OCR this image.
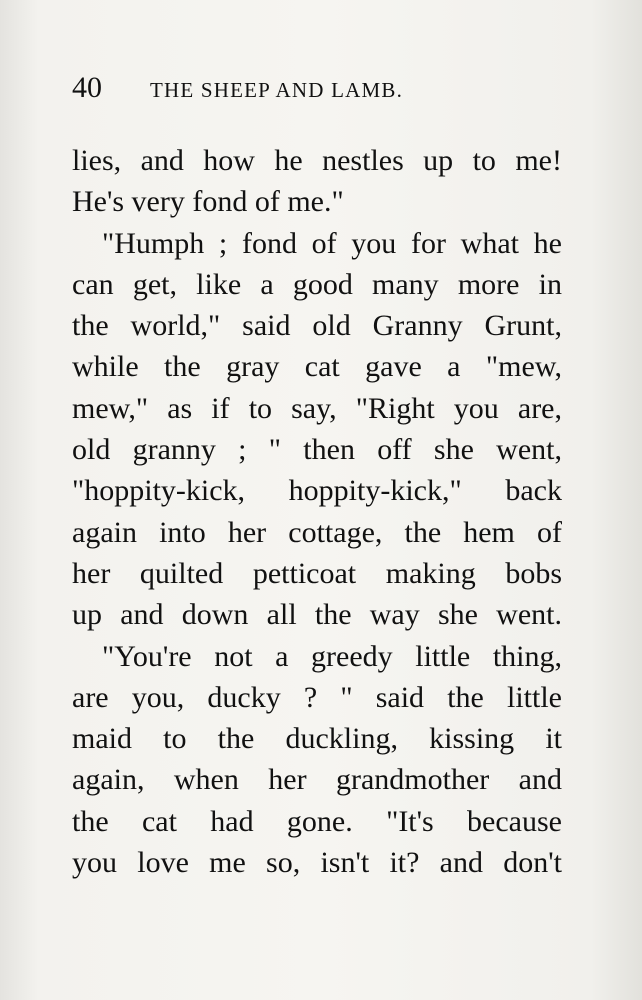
40 THE SHEEP AND LAMB.
lies, and how he nestles up to me!
He's very fond of me."
"Humph ; fond of you for what he
can get, like a good many more in
the world," said old Granny Grunt,
while the gray cat gave a "mew,
mew," as if to say, "Right you are,
old granny ; " then off she went,
"hoppity-kick, hoppity-kick," back
again into her cottage, the hem of
her quilted petticoat making bobs
up and down all the way she went.
"You're not a greedy little thing,
are you, ducky ? " said the little
maid to the duckling, kissing it
again, when her grandmother and
the cat had gone. "It's because
you love me so, isn't it? and don't
